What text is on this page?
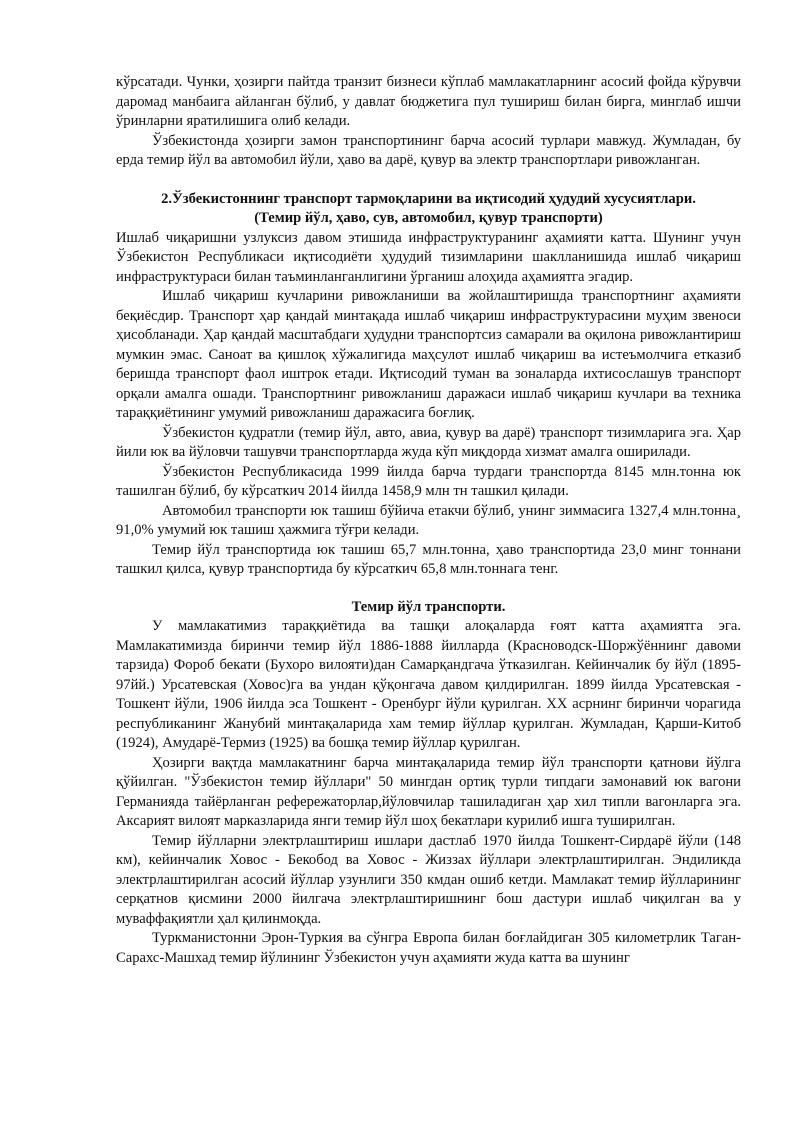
кўрсатади. Чунки, ҳозирги пайтда транзит бизнеси кўплаб мамлакатларнинг асосий фойда кўрувчи даромад манбаига айланган бўлиб, у давлат бюджетига пул тушириш билан бирга, минглаб ишчи ўринларни яратилишига олиб келади.

Ўзбекистонда ҳозирги замон транспортининг барча асосий турлари мавжуд. Жумладан, бу ерда темир йўл ва автомобил йўли, ҳаво ва дарё, қувур ва электр транспортлари ривожланган.

2.Ўзбекистоннинг транспорт тармоқларини ва иқтисодий ҳудудий хусусиятлари.
(Темир йўл, ҳаво, сув, автомобил, қувур транспорти)

Ишлаб чиқаришни узлуксиз давом этишида инфраструктуранинг аҳамияти катта. Шунинг учун Ўзбекистон Республикаси иқтисодиёти ҳудудий тизимларини шаклланишида ишлаб чиқариш инфраструктураси билан таъминланганлигини ўрганиш алоҳида аҳамиятга эгадир.

Ишлаб чиқариш кучларини ривожланиши ва жойлаштиришда транспортнинг аҳамияти беқиёсдир. Транспорт ҳар қандай минтақада ишлаб чиқариш инфраструктурасини муҳим звеноси ҳисобланади. Ҳар қандай масштабдаги ҳудудни транспортсиз самарали ва оқилона ривожлантириш мумкин эмас. Саноат ва қишлоқ хўжалигида маҳсулот ишлаб чиқариш ва истеъмолчига етказиб беришда транспорт фаол иштрок етади. Иқтисодий туман ва зоналарда ихтисослашув транспорт орқали амалга ошади. Транспортнинг ривожланиш даражаси ишлаб чиқариш кучлари ва техника тараққиётининг умумий ривожланиш даражасига боғлиқ.

Ўзбекистон қудратли (темир йўл, авто, авиа, қувур ва дарё) транспорт тизимларига эга. Ҳар йили юк ва йўловчи ташувчи транспортларда жуда кўп миқдорда хизмат амалга оширилади.

Ўзбекистон Республикасида 1999 йилда барча турдаги транспортда 8145 млн.тонна юк ташилган бўлиб, бу кўрсаткич 2014 йилда 1458,9 млн тн ташкил қилади.

Автомобил транспорти юк ташиш бўйича етакчи бўлиб, унинг зиммасига 1327,4 млн.тонна¸ 91,0% умумий юк ташиш ҳажмига тўғри келади.

Темир йўл транспортида юк ташиш 65,7 млн.тонна, ҳаво транспортида 23,0 минг тоннани ташкил қилса, қувур транспортида бу кўрсаткич 65,8 млн.тоннага тенг.

Темир йўл транспорти.

У мамлакатимиз тараққиётида ва ташқи алоқаларда ғоят катта аҳамиятга эга. Мамлакатимизда биринчи темир йўл 1886-1888 йилларда (Красноводск-Шоржўённинг давоми тарзида) Фороб бекати (Бухоро вилояти)дан Самарқандгача ўтказилган. Кейинчалик бу йўл (1895-97йй.) Урсатевская (Ховос)га ва ундан қўқонгача давом қилдирилган. 1899 йилда Урсатевская - Тошкент йўли, 1906 йилда эса Тошкент - Оренбург йўли қурилган. XX асрнинг биринчи чорагида республиканинг Жанубий минтақаларида хам темир йўллар қурилган. Жумладан, Қарши-Китоб (1924), Амударё-Термиз (1925) ва бошқа темир йўллар қурилган.

Ҳозирги вақтда мамлакатнинг барча минтақаларида темир йўл транспорти қатнови йўлга қўйилган. "Ўзбекистон темир йўллари" 50 мингдан ортиқ турли типдаги замонавий юк вагони Германияда тайёрланган рефережаторлар,йўловчилар ташиладиган ҳар хил типли вагонларга эга. Аксарият вилоят марказларида янги темир йўл шоҳ бекатлари курилиб ишга туширилган.

Темир йўлларни электрлаштириш ишлари дастлаб 1970 йилда Тошкент-Сирдарё йўли (148 км), кейинчалик Ховос - Бекобод ва Ховос - Жиззах йўллари электрлаштирилган. Эндиликда электрлаштирилган асосий йўллар узунлиги 350 кмдан ошиб кетди. Мамлакат темир йўлларининг серқатнов қисмини 2000 йилгача электрлаштиришнинг бош дастури ишлаб чиқилган ва у муваффақиятли ҳал қилинмоқда.

Туркманистонни Эрон-Туркия ва сўнгра Европа билан боғлайдиган 305 километрлик Таган-Сарахс-Машхад темир йўлининг Ўзбекистон учун аҳамияти жуда катта ва шунинг
